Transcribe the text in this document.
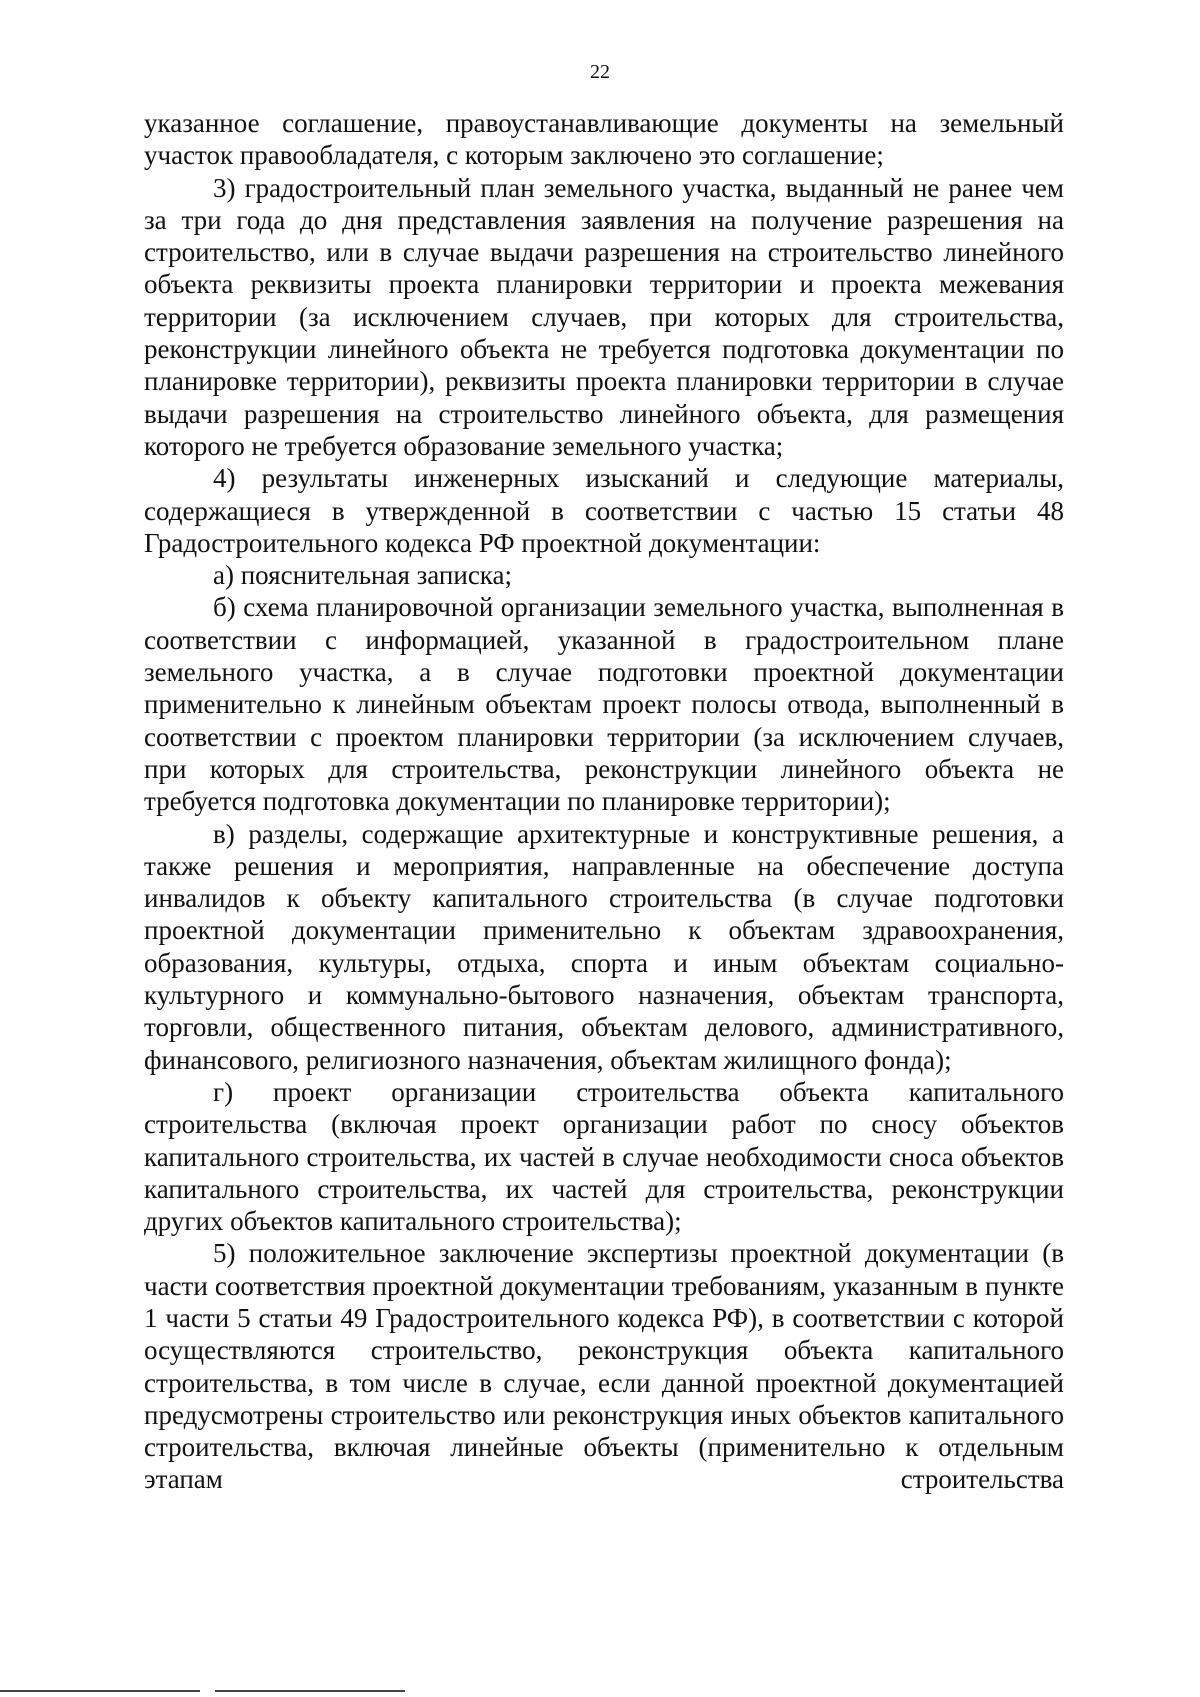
22

указанное соглашение, правоустанавливающие документы на земельный участок правообладателя, с которым заключено это соглашение;

3) градостроительный план земельного участка, выданный не ранее чем за три года до дня представления заявления на получение разрешения на строительство, или в случае выдачи разрешения на строительство линейного объекта реквизиты проекта планировки территории и проекта межевания территории (за исключением случаев, при которых для строительства, реконструкции линейного объекта не требуется подготовка документации по планировке территории), реквизиты проекта планировки территории в случае выдачи разрешения на строительство линейного объекта, для размещения которого не требуется образование земельного участка;

4) результаты инженерных изысканий и следующие материалы, содержащиеся в утвержденной в соответствии с частью 15 статьи 48 Градостроительного кодекса РФ проектной документации:

а) пояснительная записка;

б) схема планировочной организации земельного участка, выполненная в соответствии с информацией, указанной в градостроительном плане земельного участка, а в случае подготовки проектной документации применительно к линейным объектам проект полосы отвода, выполненный в соответствии с проектом планировки территории (за исключением случаев, при которых для строительства, реконструкции линейного объекта не требуется подготовка документации по планировке территории);

в) разделы, содержащие архитектурные и конструктивные решения, а также решения и мероприятия, направленные на обеспечение доступа инвалидов к объекту капитального строительства (в случае подготовки проектной документации применительно к объектам здравоохранения, образования, культуры, отдыха, спорта и иным объектам социально-культурного и коммунально-бытового назначения, объектам транспорта, торговли, общественного питания, объектам делового, административного, финансового, религиозного назначения, объектам жилищного фонда);

г) проект организации строительства объекта капитального строительства (включая проект организации работ по сносу объектов капитального строительства, их частей в случае необходимости сноса объектов капитального строительства, их частей для строительства, реконструкции других объектов капитального строительства);

5) положительное заключение экспертизы проектной документации (в части соответствия проектной документации требованиям, указанным в пункте 1 части 5 статьи 49 Градостроительного кодекса РФ), в соответствии с которой осуществляются строительство, реконструкция объекта капитального строительства, в том числе в случае, если данной проектной документацией предусмотрены строительство или реконструкция иных объектов капитального строительства, включая линейные объекты (применительно к отдельным этапам строительства
